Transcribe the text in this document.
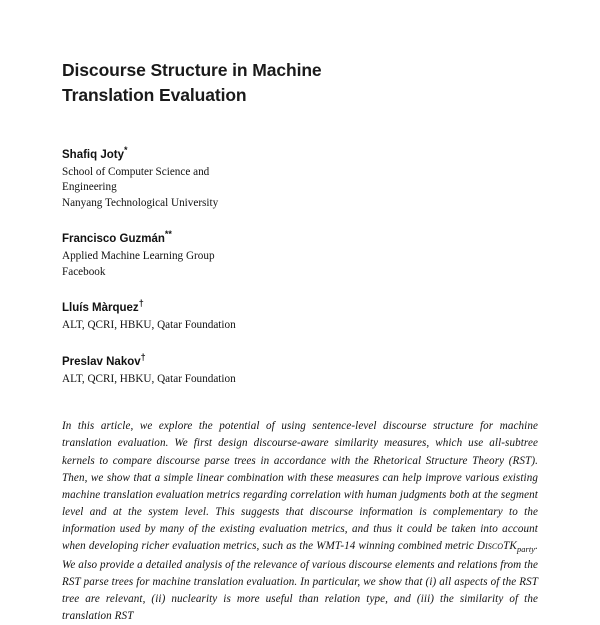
Discourse Structure in Machine Translation Evaluation

Shafiq Joty*

School of Computer Science and

Engineering

Nanyang Technological University

Francisco Guzmán**

Applied Machine Learning Group

Facebook

Lluís Màrquez†

ALT, QCRI, HBKU, Qatar Foundation

Preslav Nakov†

ALT, QCRI, HBKU, Qatar Foundation

In this article, we explore the potential of using sentence-level discourse structure for machine translation evaluation. We first design discourse-aware similarity measures, which use all-subtree kernels to compare discourse parse trees in accordance with the Rhetorical Structure Theory (RST). Then, we show that a simple linear combination with these measures can help improve various existing machine translation evaluation metrics regarding correlation with human judgments both at the segment level and at the system level. This suggests that discourse information is complementary to the information used by many of the existing evaluation metrics, and thus it could be taken into account when developing richer evaluation metrics, such as the WMT-14 winning combined metric DiscoTK$_{party}$. We also provide a detailed analysis of the relevance of various discourse elements and relations from the RST parse trees for machine translation evaluation. In particular, we show that (i) all aspects of the RST tree are relevant, (ii) nuclearity is more useful than relation type, and (iii) the similarity of the translation RST
